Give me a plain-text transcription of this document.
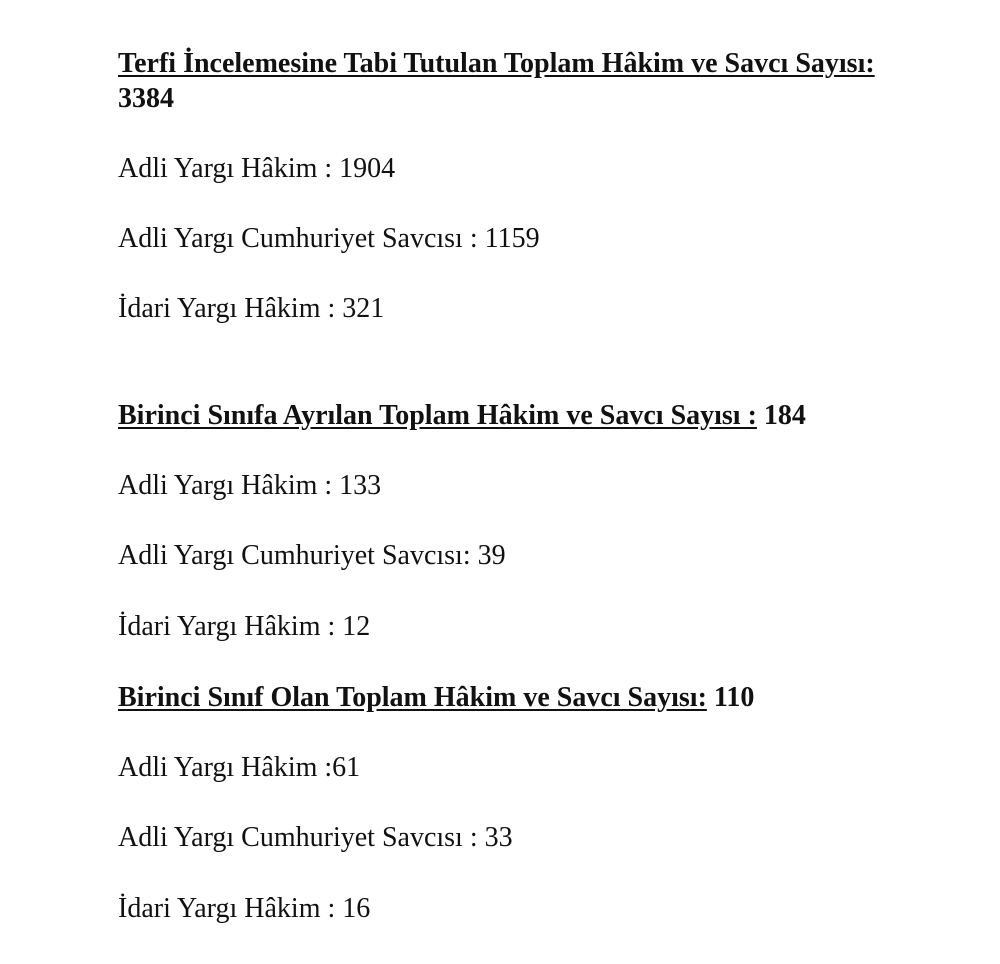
Terfi İncelemesine Tabi Tutulan Toplam Hâkim ve Savcı Sayısı: 3384

Adli Yargı Hâkim : 1904

Adli Yargı Cumhuriyet Savcısı : 1159

İdari Yargı Hâkim : 321

Birinci Sınıfa Ayrılan Toplam Hâkim ve Savcı Sayısı : 184

Adli Yargı Hâkim : 133

Adli Yargı Cumhuriyet Savcısı: 39

İdari Yargı Hâkim : 12

Birinci Sınıf Olan Toplam Hâkim ve Savcı Sayısı: 110

Adli Yargı Hâkim :61

Adli Yargı Cumhuriyet Savcısı : 33

İdari Yargı Hâkim : 16
